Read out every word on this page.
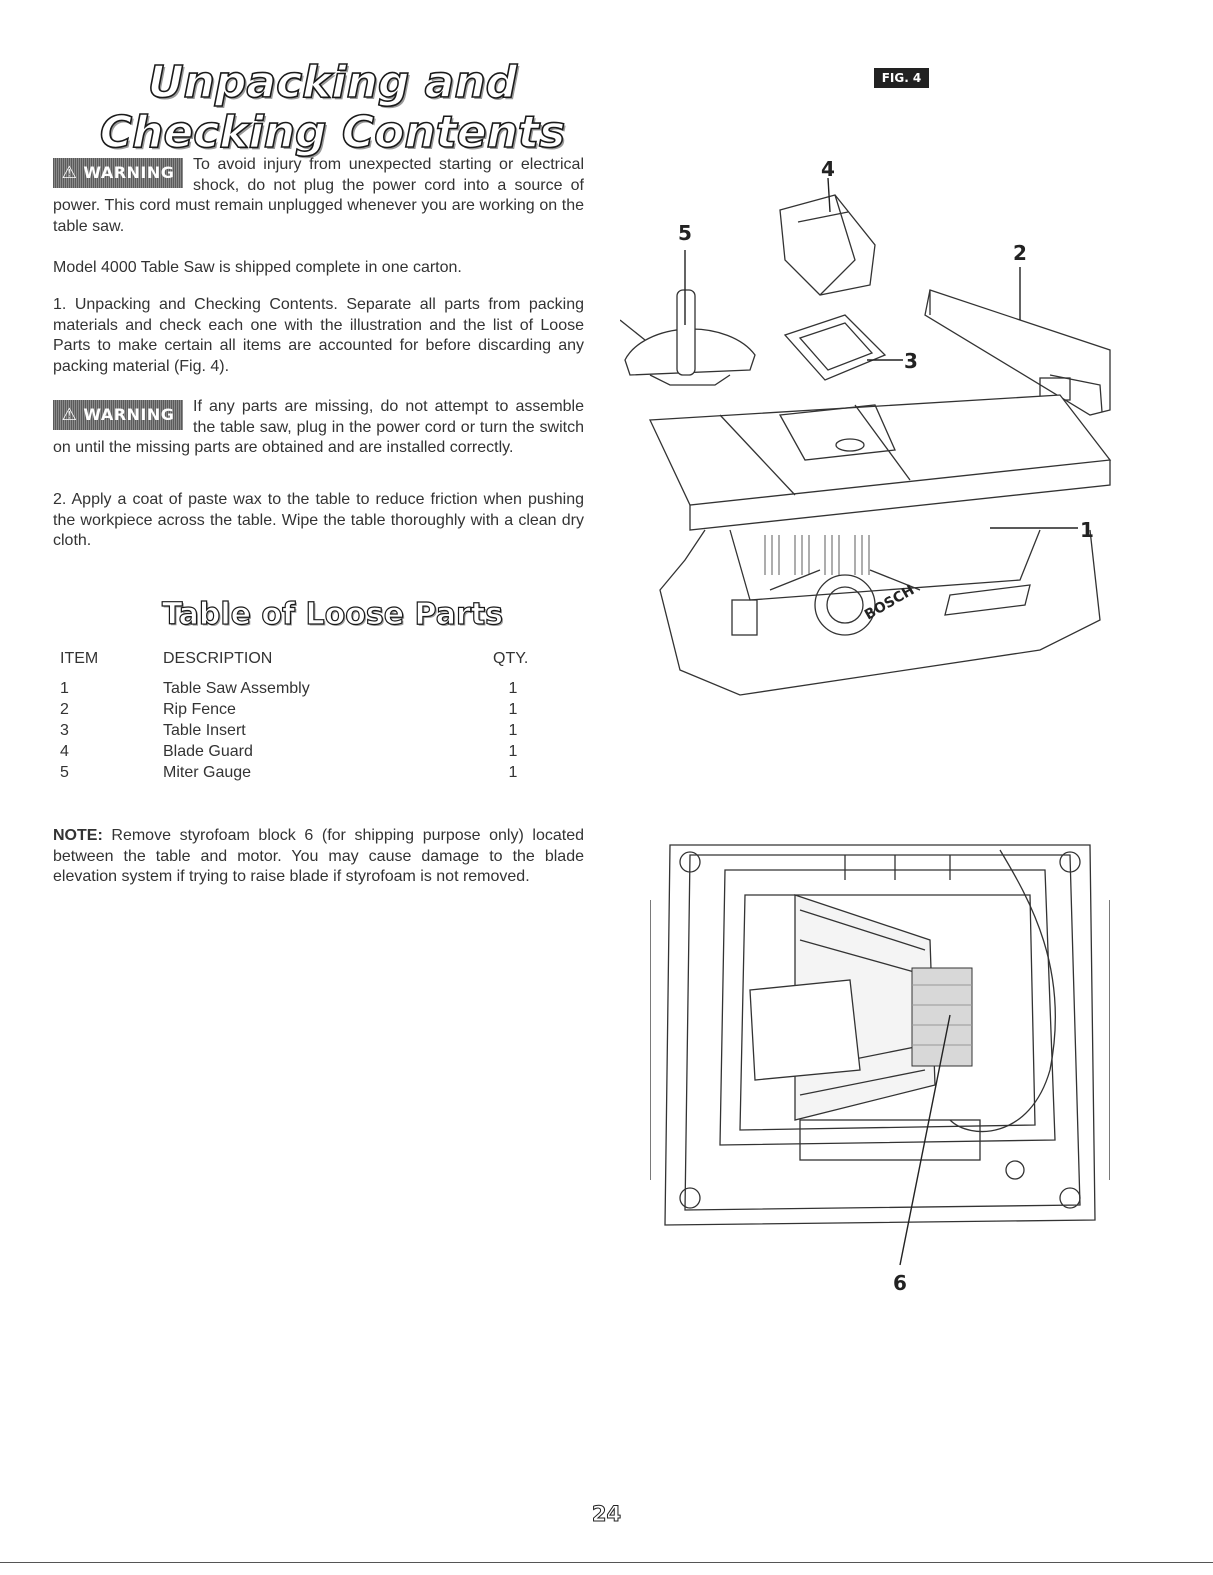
Unpacking and
Checking Contents
⚠ WARNING	To avoid injury from unexpected starting or electrical shock, do not plug the power cord into a source of power. This cord must remain unplugged whenever you are working on the table saw.
Model 4000 Table Saw is shipped complete in one carton.
1. Unpacking and Checking Contents. Separate all parts from packing materials and check each one with the illustration and the list of Loose Parts to make certain all items are accounted for before discarding any packing material (Fig. 4).
⚠ WARNING	If any parts are missing, do not attempt to assemble the table saw, plug in the power cord or turn the switch on until the missing parts are obtained and are installed correctly.
2. Apply a coat of paste wax to the table to reduce friction when pushing the workpiece across the table. Wipe the table thoroughly with a clean dry cloth.
Table of Loose Parts
ITEM	DESCRIPTION	QTY.
1	Table Saw Assembly	1
2	Rip Fence	1
3	Table Insert	1
4	Blade Guard	1
5	Miter Gauge	1
NOTE: Remove styrofoam block 6 (for shipping purpose only) located between the table and motor. You may cause damage to the blade elevation system if trying to raise blade if styrofoam is not removed.
FIG. 4
BOSCH
4
5
2
3
1
6
24
